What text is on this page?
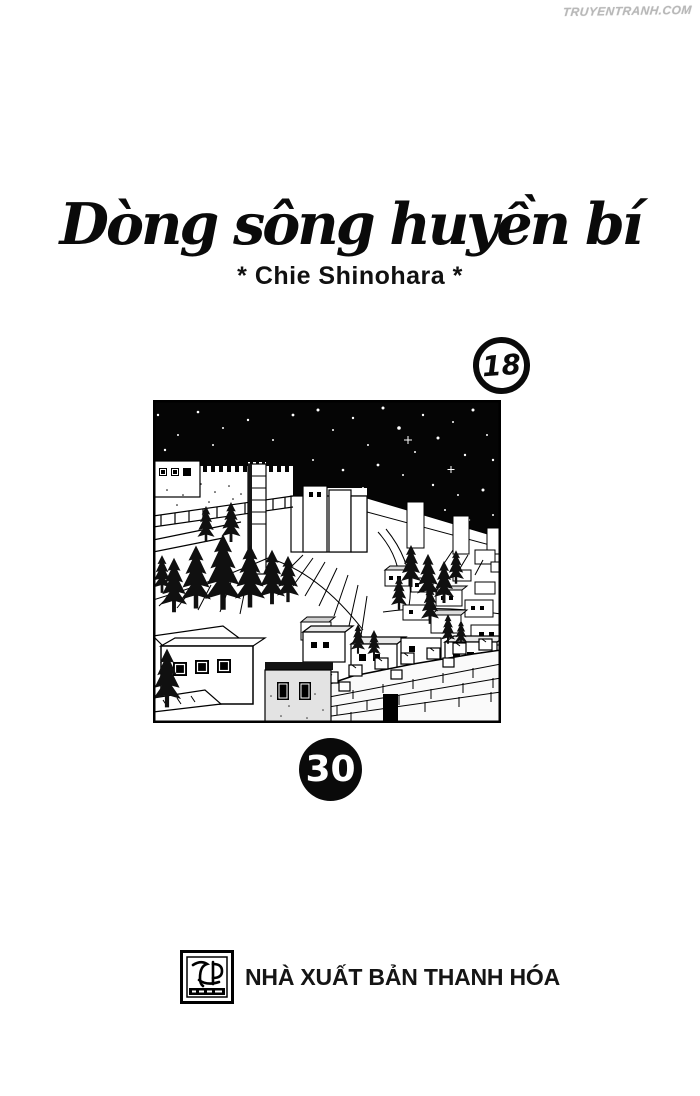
TRUYENTRANH.COM
Dòng sông huyền bí
* Chie Shinohara *
18
30
NHÀ XUẤT BẢN THANH HÓA
